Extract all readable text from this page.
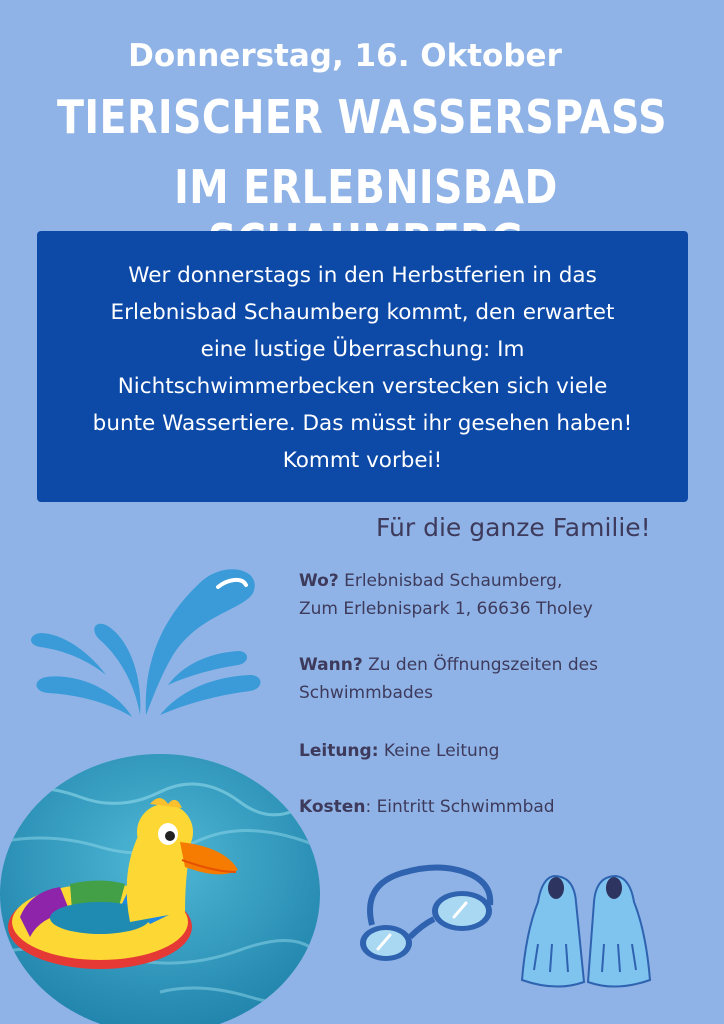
Donnerstag, 16. Oktober
TIERISCHER WASSERSPASS
IM ERLEBNISBAD
Wer donnerstags in den Herbstferien in das
Erlebnisbad Schaumberg kommt, den erwartet
eine lustige Überraschung: Im
Nichtschwimmerbecken verstecken sich viele
bunte Wassertiere. Das müsst ihr gesehen haben!
Kommt vorbei!
Für die ganze Familie!
Wo? Erlebnisbad Schaumberg,
Zum Erlebnispark 1, 66636 Tholey
Wann? Zu den Öffnungszeiten des
Schwimmbades
Leitung: Keine Leitung
Kosten: Eintritt Schwimmbad
